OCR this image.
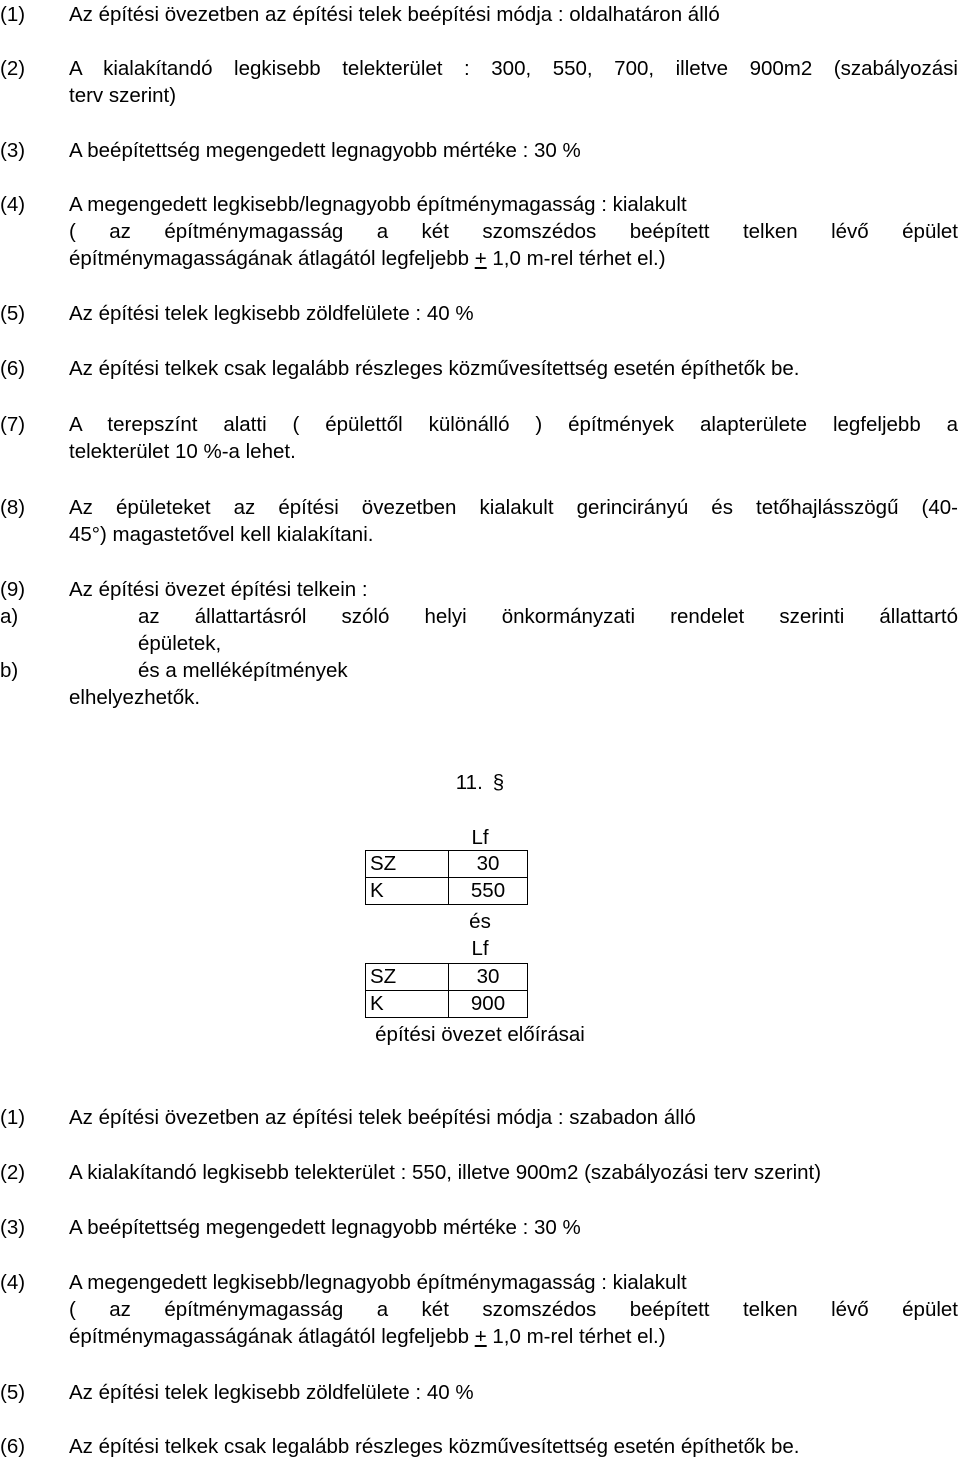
(1) Az építési övezetben az építési telek beépítési módja : oldalhatáron álló
(2) A kialakítandó legkisebb telekterület : 300, 550, 700, illetve 900m2 (szabályozási
terv szerint)
(3) A beépítettség megengedett legnagyobb mértéke : 30 %
(4) A megengedett legkisebb/legnagyobb építménymagasság : kialakult
( az építménymagasság a két szomszédos beépített telken lévő épület
építménymagasságának átlagától legfeljebb + 1,0 m-rel térhet el.)
(5) Az építési telek legkisebb zöldfelülete : 40 %
(6) Az építési telkek csak legalább részleges közművesítettség esetén építhetők be.
(7) A terepszínt alatti ( épülettől különálló ) építmények alapterülete legfeljebb a
telekterület 10 %-a lehet.
(8) Az épületeket az építési övezetben kialakult gerincirányú és tetőhajlásszögű (40-
45°) magastetővel kell kialakítani.
(9) Az építési övezet építési telkein :
a)	az állattartásról szóló helyi önkormányzati rendelet szerinti állattartó
épületek,
b)	és a melléképítmények
elhelyezhetők.
11. §
Lf
SZ	30
K	550
és
Lf
SZ	30
K	900
építési övezet előírásai
(1) Az építési övezetben az építési telek beépítési módja : szabadon álló
(2) A kialakítandó legkisebb telekterület : 550, illetve 900m2 (szabályozási terv szerint)
(3) A beépítettség megengedett legnagyobb mértéke : 30 %
(4) A megengedett legkisebb/legnagyobb építménymagasság : kialakult
( az építménymagasság a két szomszédos beépített telken lévő épület
építménymagasságának átlagától legfeljebb + 1,0 m-rel térhet el.)
(5) Az építési telek legkisebb zöldfelülete : 40 %
(6) Az építési telkek csak legalább részleges közművesítettség esetén építhetők be.
